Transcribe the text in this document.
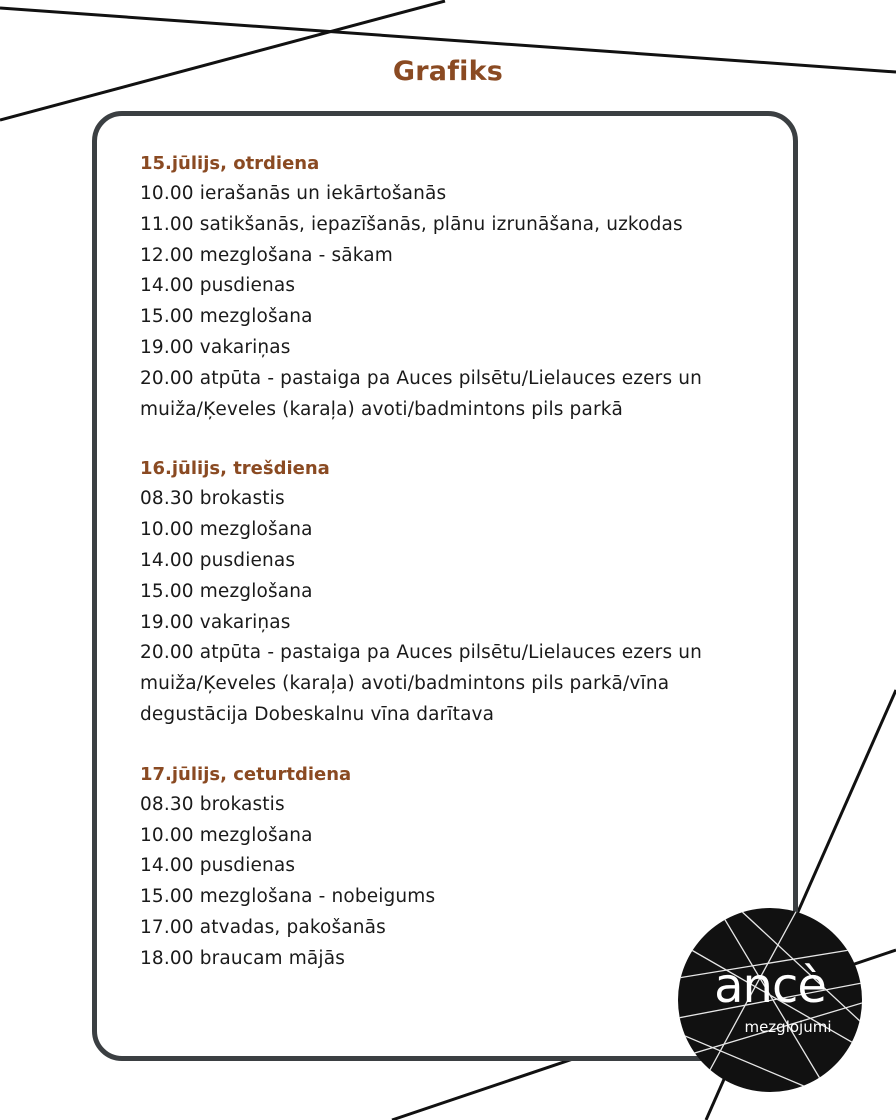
Grafiks
15.jūlijs, otrdiena
10.00 ierašanās un iekārtošanās
11.00 satikšanās, iepazīšanās, plānu izrunāšana, uzkodas
12.00 mezglošana - sākam
14.00 pusdienas
15.00 mezglošana
19.00 vakariņas
20.00 atpūta - pastaiga pa Auces pilsētu/Lielauces ezers un
muiža/Ķeveles (karaļa) avoti/badmintons pils parkā
16.jūlijs, trešdiena
08.30 brokastis
10.00 mezglošana
14.00 pusdienas
15.00 mezglošana
19.00 vakariņas
20.00 atpūta - pastaiga pa Auces pilsētu/Lielauces ezers un
muiža/Ķeveles (karaļa) avoti/badmintons pils parkā/vīna
degustācija Dobeskalnu vīna darītava
17.jūlijs, ceturtdiena
08.30 brokastis
10.00 mezglošana
14.00 pusdienas
15.00 mezglošana - nobeigums
17.00 atvadas, pakošanās
18.00 braucam mājās	ancè
mezglojumi
